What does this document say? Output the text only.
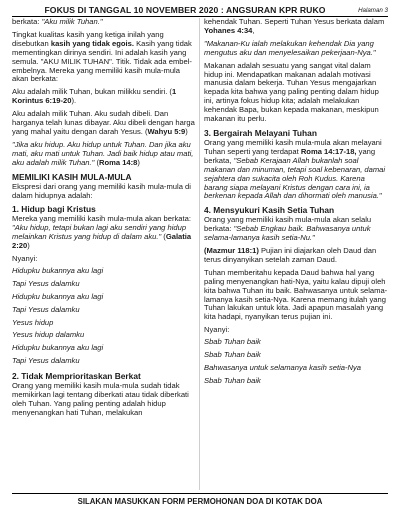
FOKUS DI TANGGAL 10 NOVEMBER 2020 : ANGSURAN KPR RUKO	Halaman 3

berkata: "Aku milik Tuhan."

Tingkat kualitas kasih yang ketiga inilah yang disebutkan kasih yang tidak egois. Kasih yang tidak mementingkan dirinya sendiri. Ini adalah kasih yang semula. "AKU MILIK TUHAN". Titik. Tidak ada embel-embelnya. Mereka yang memiliki kasih mula-mula akan berkata:

Aku adalah milik Tuhan, bukan milikku sendiri. (1 Korintus 6:19-20).

Aku adalah milik Tuhan. Aku sudah dibeli. Dan harganya telah lunas dibayar. Aku dibeli dengan harga yang mahal yaitu dengan darah Yesus. (Wahyu 5:9)

"Jika aku hidup. Aku hidup untuk Tuhan. Dan jika aku mati, aku mati untuk Tuhan. Jadi baik hidup atau mati, aku adalah milik Tuhan." (Roma 14:8)

MEMILIKI KASIH MULA-MULA

Ekspresi dari orang yang memiliki kasih mula-mula di dalam hidupnya adalah:

1. Hidup bagi Kristus

Mereka yang memiliki kasih mula-mula akan berkata: "Aku hidup, tetapi bukan lagi aku sendiri yang hidup melainkan Kristus yang hidup di dalam aku." (Galatia 2:20)

Nyanyi:

Hidupku bukannya aku lagi
Tapi Yesus dalamku
Hidupku bukannya aku lagi
Tapi Yesus dalamku
Yesus hidup
Yesus hidup dalamku
Hidupku bukannya aku lagi
Tapi Yesus dalamku
2. Tidak Memprioritaskan Berkat

Orang yang memiliki kasih mula-mula sudah tidak memikirkan lagi tentang diberkati atau tidak diberkati oleh Tuhan. Yang paling penting adalah hidup menyenangkan hati Tuhan, melakukan

kehendak Tuhan. Seperti Tuhan Yesus berkata dalam Yohanes 4:34,

"Makanan-Ku ialah melakukan kehendak Dia yang mengutus aku dan menyelesaikan pekerjaan-Nya."

Makanan adalah sesuatu yang sangat vital dalam hidup ini. Mendapatkan makanan adalah motivasi manusia dalam bekerja. Tuhan Yesus mengajarkan kepada kita bahwa yang paling penting dalam hidup ini, artinya fokus hidup kita; adalah melakukan kehendak Bapa, bukan kepada makanan, meskipun makanan itu perlu.

3. Bergairah Melayani Tuhan

Orang yang memiliki kasih mula-mula akan melayani Tuhan seperti yang terdapat Roma 14:17-18, yang berkata, "Sebab Kerajaan Allah bukanlah soal makanan dan minuman, tetapi soal kebenaran, damai sejahtera dan sukacita oleh Roh Kudus. Karena barang siapa melayani Kristus dengan cara ini, ia berkenan kepada Allah dan dihormati oleh manusia."

4. Mensyukuri Kasih Setia Tuhan

Orang yang memiliki kasih mula-mula akan selalu berkata: "Sebab Engkau baik. Bahwasanya untuk selama-lamanya kasih setia-Nu."

(Mazmur 118:1) Pujian ini diajarkan oleh Daud dan terus dinyanyikan setelah zaman Daud.

Tuhan memberitahu kepada Daud bahwa hal yang paling menyenangkan hati-Nya, yaitu kalau dipuji oleh kita bahwa Tuhan itu baik. Bahwasanya untuk selama-lamanya kasih setia-Nya. Karena memang itulah yang Tuhan lakukan untuk kita. Jadi apapun masalah yang kita hadapi, nyanyikan terus pujian ini.

Nyanyi:

Sbab Tuhan baik
Sbab Tuhan baik
Bahwasanya untuk selamanya kasih setia-Nya
Sbab Tuhan baik
SILAKAN MASUKKAN FORM PERMOHONAN DOA DI KOTAK DOA
